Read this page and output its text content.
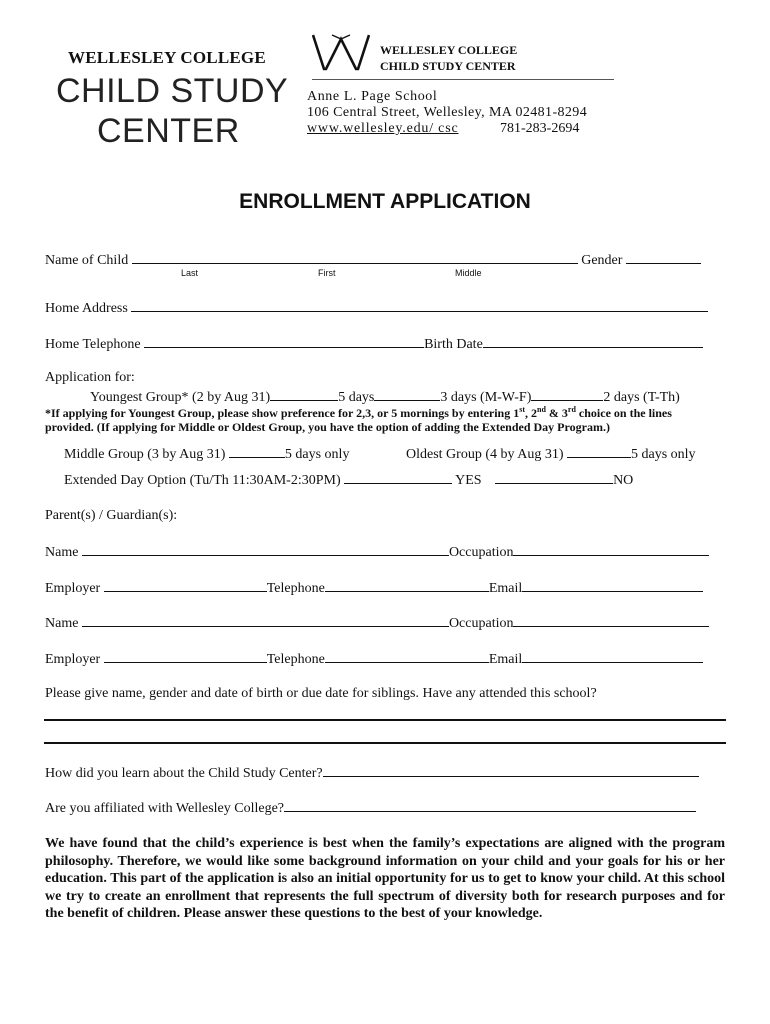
WELLESLEY COLLEGE
CHILD STUDY
CENTER
WELLESLEY COLLEGE
CHILD STUDY CENTER
Anne L. Page School
106 Central Street, Wellesley, MA 02481-8294
www.wellesley.edu/ csc	781-283-2694
ENROLLMENT APPLICATION
Name of Child	Gender
Last	First	Middle
Home Address
Home Telephone	Birth Date
Application for:
Youngest Group* (2 by Aug 31)	5 days	3 days (M-W-F)	2 days (T-Th)
*If applying for Youngest Group, please show preference for 2,3, or 5 mornings by entering 1st, 2nd & 3rd choice on the lines
provided. (If applying for Middle or Oldest Group, you have the option of adding the Extended Day Program.)
Middle Group (3 by Aug 31)	5 days only	Oldest Group (4 by Aug 31)	5 days only
Extended Day Option (Tu/Th 11:30AM-2:30PM)	YES	NO
Parent(s) / Guardian(s):
Name	Occupation
Employer	Telephone	Email
Name	Occupation
Employer	Telephone	Email
Please give name, gender and date of birth or due date for siblings. Have any attended this school?
How did you learn about the Child Study Center?
Are you affiliated with Wellesley College?
We have found that the child’s experience is best when the family’s expectations are aligned with the program philosophy. Therefore, we would like some background information on your child and your goals for his or her education. This part of the application is also an initial opportunity for us to get to know your child. At this school we try to create an enrollment that represents the full spectrum of diversity both for research purposes and for the benefit of children. Please answer these questions to the best of your knowledge.
